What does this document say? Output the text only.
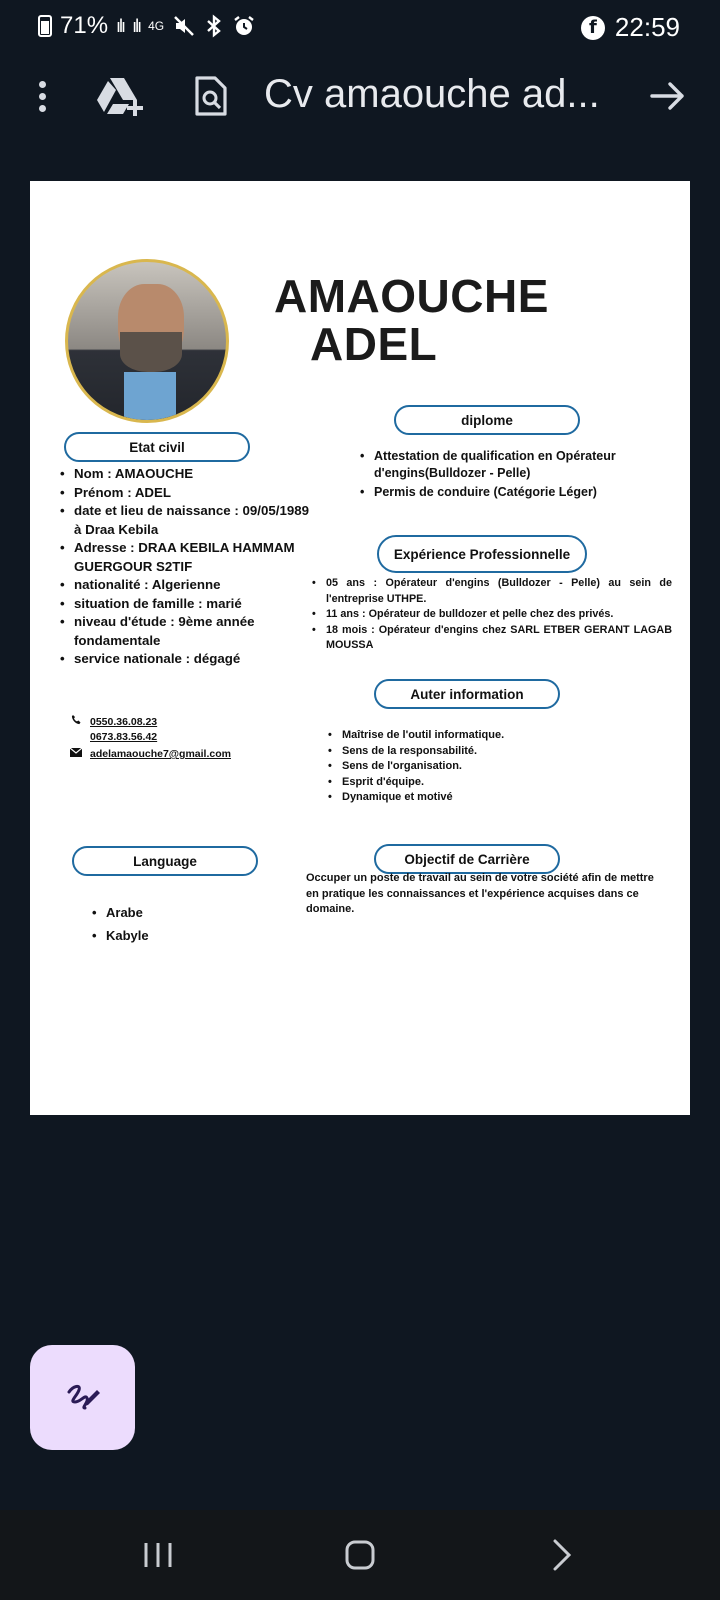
71% ılı ılı 4G	f 22:59
Cv amaouche ad...
AMAOUCHE
ADEL
diplome
Etat civil
Expérience Professionnelle
Auter information
Language	Objectif de Carrière
• Nom : AMAOUCHE
• Prénom : ADEL
• date et lieu de naissance : 09/05/1989 à Draa Kebila
• Adresse : DRAA KEBILA HAMMAM GUERGOUR S2TIF
• nationalité : Algerienne
• situation de famille : marié
• niveau d'étude : 9ème année fondamentale
• service nationale : dégagé
• Attestation de qualification en Opérateur d'engins(Bulldozer - Pelle)
• Permis de conduire (Catégorie Léger)
• 05 ans : Opérateur d'engins (Bulldozer - Pelle) au sein de l'entreprise UTHPE.
• 11 ans : Opérateur de bulldozer et pelle chez des privés.
• 18 mois : Opérateur d'engins chez SARL ETBER GERANT LAGAB MOUSSA
• Maîtrise de l'outil informatique.
• Sens de la responsabilité.
• Sens de l'organisation.
• Esprit d'équipe.
• Dynamique et motivé
0550.36.08.23
0673.83.56.42
adelamaouche7@gmail.com
• Arabe
• Kabyle
Occuper un poste de travail au sein de votre société afin de mettre en pratique les connaissances et l'expérience acquises dans ce domaine.
